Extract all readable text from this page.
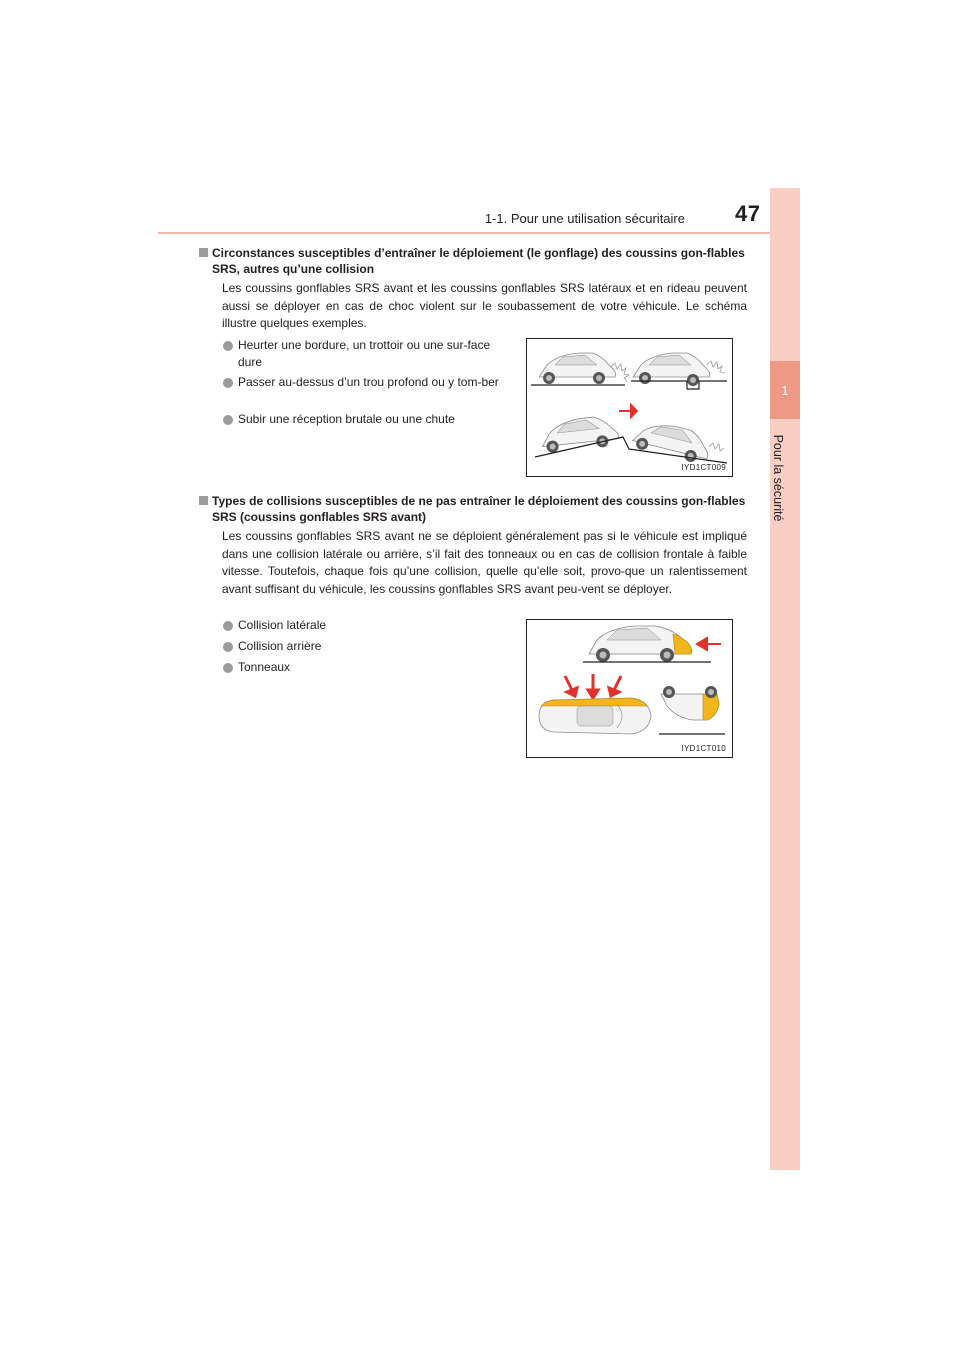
1-1. Pour une utilisation sécuritaire 47
1
Pour la sécurité
Circonstances susceptibles d’entraîner le déploiement (le gonflage) des coussins gon-flables SRS, autres qu’une collision
Les coussins gonflables SRS avant et les coussins gonflables SRS latéraux et en rideau peuvent aussi se déployer en cas de choc violent sur le soubassement de votre véhicule. Le schéma illustre quelques exemples.
Heurter une bordure, un trottoir ou une sur-face dure
Passer au-dessus d’un trou profond ou y tom-ber
Subir une réception brutale ou une chute
IYD1CT009
Types de collisions susceptibles de ne pas entraîner le déploiement des coussins gon-flables SRS (coussins gonflables SRS avant)
Les coussins gonflables SRS avant ne se déploient généralement pas si le véhicule est impliqué dans une collision latérale ou arrière, s’il fait des tonneaux ou en cas de collision frontale à faible vitesse. Toutefois, chaque fois qu’une collision, quelle qu’elle soit, provo-que un ralentissement avant suffisant du véhicule, les coussins gonflables SRS avant peu-vent se déployer.
Collision latérale
Collision arrière
Tonneaux
IYD1CT010
